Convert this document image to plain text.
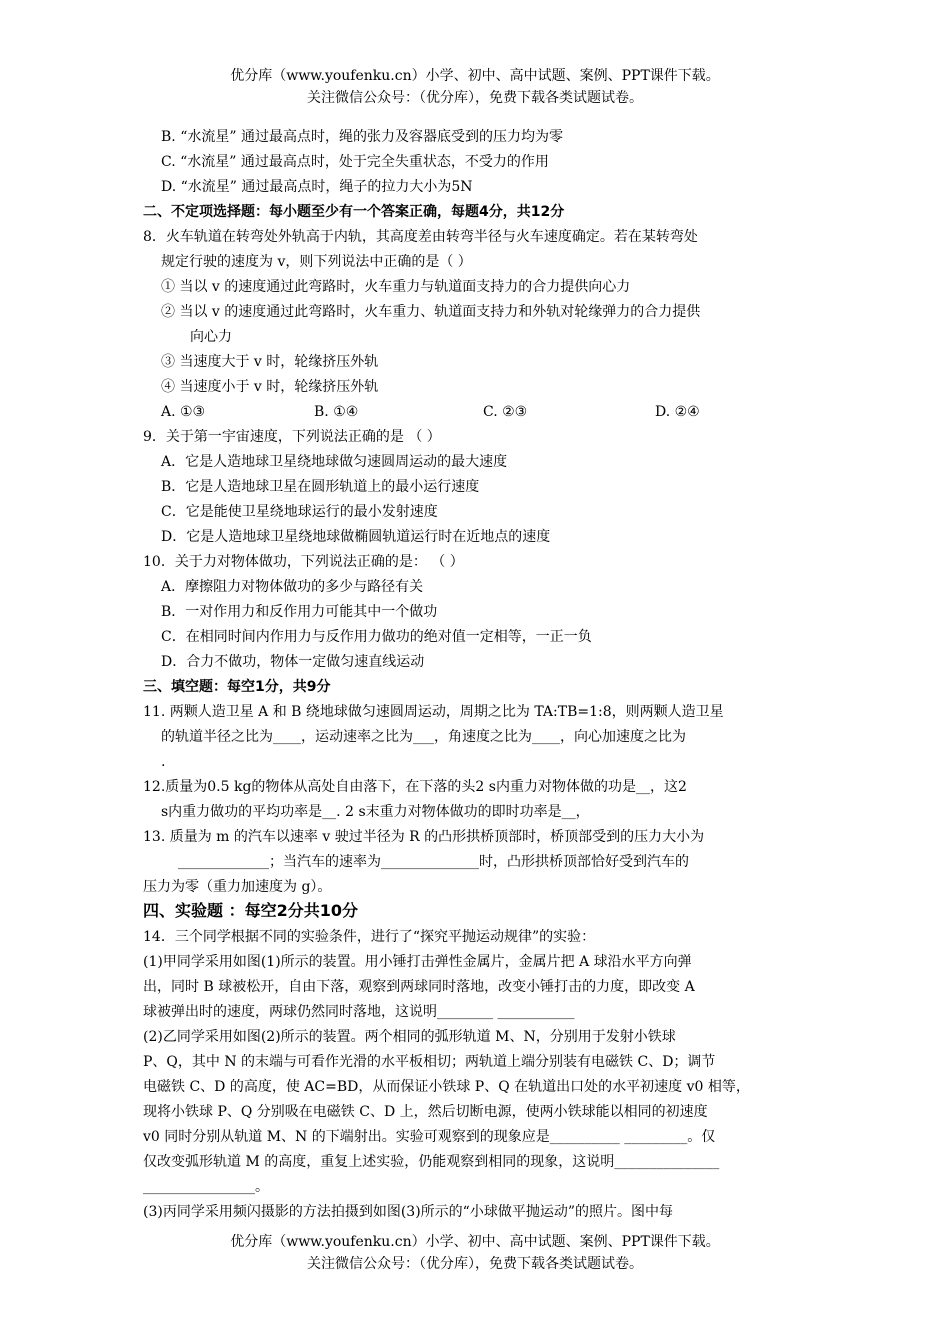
优分库（www.youfenku.cn）小学、初中、高中试题、案例、PPT课件下载。
关注微信公众号：（优分库），免费下载各类试题试卷。
B. “水流星” 通过最高点时，绳的张力及容器底受到的压力均为零
C. “水流星” 通过最高点时，处于完全失重状态，不受力的作用
D. “水流星” 通过最高点时，绳子的拉力大小为5N
二、不定项选择题：每小题至少有一个答案正确，每题4分，共12分
8．火车轨道在转弯处外轨高于内轨，其高度差由转弯半径与火车速度确定。若在某转弯处
规定行驶的速度为 v，则下列说法中正确的是（ ）
① 当以 v 的速度通过此弯路时，火车重力与轨道面支持力的合力提供向心力
② 当以 v 的速度通过此弯路时，火车重力、轨道面支持力和外轨对轮缘弹力的合力提供
向心力
③ 当速度大于 v 时，轮缘挤压外轨
④ 当速度小于 v 时，轮缘挤压外轨
A. ①③	B. ①④	C. ②③	D. ②④
9．关于第一宇宙速度，下列说法正确的是 （ ）
A．它是人造地球卫星绕地球做匀速圆周运动的最大速度
B．它是人造地球卫星在圆形轨道上的最小运行速度
C．它是能使卫星绕地球运行的最小发射速度
D．它是人造地球卫星绕地球做椭圆轨道运行时在近地点的速度
10．关于力对物体做功，下列说法正确的是： （ ）
A．摩擦阻力对物体做功的多少与路径有关
B．一对作用力和反作用力可能其中一个做功
C．在相同时间内作用力与反作用力做功的绝对值一定相等，一正一负
D．合力不做功，物体一定做匀速直线运动
三、填空题：每空1分，共9分
11. 两颗人造卫星 A 和 B 绕地球做匀速圆周运动，周期之比为 TA:TB=1:8，则两颗人造卫星
的轨道半径之比为____，运动速率之比为___，角速度之比为____，向心加速度之比为
.
12.质量为0.5 kg的物体从高处自由落下，在下落的头2 s内重力对物体做的功是__，这2
s内重力做功的平均功率是__. 2 s末重力对物体做功的即时功率是__，
13. 质量为 m 的汽车以速率 v 驶过半径为 R 的凸形拱桥顶部时，桥顶部受到的压力大小为
_____________；当汽车的速率为______________时，凸形拱桥顶部恰好受到汽车的
压力为零（重力加速度为 g）。
四、实验题 ：每空2分共10分
14．三个同学根据不同的实验条件，进行了“探究平抛运动规律”的实验：
(1)甲同学采用如图(1)所示的装置。用小锤打击弹性金属片，金属片把 A 球沿水平方向弹
出，同时 B 球被松开，自由下落，观察到两球同时落地，改变小锤打击的力度，即改变 A
球被弹出时的速度，两球仍然同时落地，这说明________ ___________
(2)乙同学采用如图(2)所示的装置。两个相同的弧形轨道 M、N，分别用于发射小铁球
P、Q，其中 N 的末端与可看作光滑的水平板相切；两轨道上端分别装有电磁铁 C、D；调节
电磁铁 C、D 的高度，使 AC=BD，从而保证小铁球 P、Q 在轨道出口处的水平初速度 v0 相等，
现将小铁球 P、Q 分别吸在电磁铁 C、D 上，然后切断电源，使两小铁球能以相同的初速度
v0 同时分别从轨道 M、N 的下端射出。实验可观察到的现象应是__________ _________。仅
仅改变弧形轨道 M 的高度，重复上述实验，仍能观察到相同的现象，这说明_______________
________________。
(3)丙同学采用频闪摄影的方法拍摄到如图(3)所示的“小球做平抛运动”的照片。图中每
优分库（www.youfenku.cn）小学、初中、高中试题、案例、PPT课件下载。
关注微信公众号：（优分库），免费下载各类试题试卷。
